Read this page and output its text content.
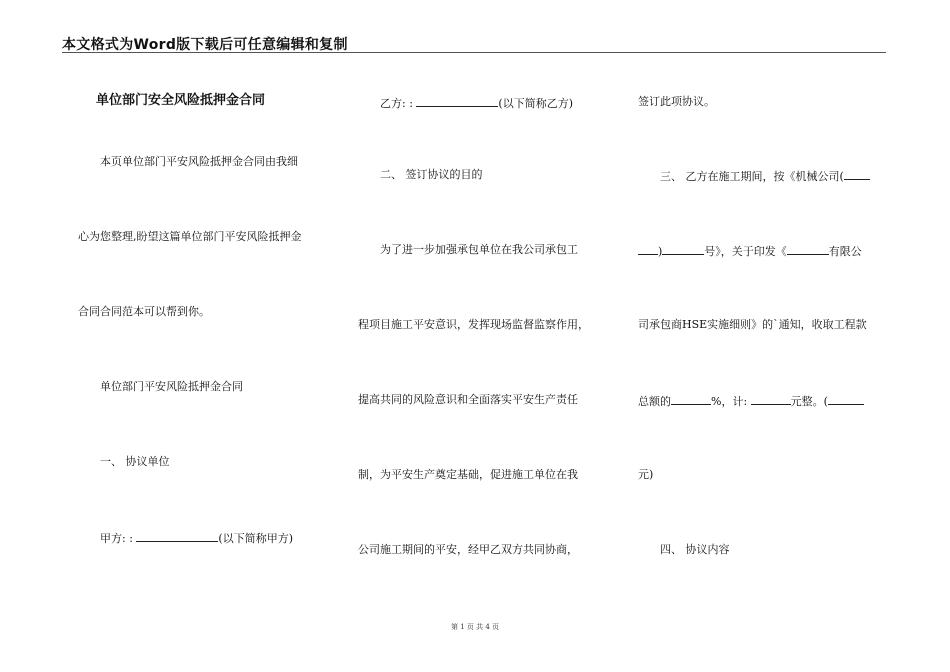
本文格式为Word版下载后可任意编辑和复制
单位部门安全风险抵押金合同
本页单位部门平安风险抵押金合同由我细
心为您整理,盼望这篇单位部门平安风险抵押金
合同合同范本可以帮到你。
单位部门平安风险抵押金合同
一、 协议单位
甲方: :	(以下简称甲方)
乙方: :	(以下简称乙方)
二、 签订协议的目的
为了进一步加强承包单位在我公司承包工
程项目施工平安意识，发挥现场监督监察作用，
提高共同的风险意识和全面落实平安生产责任
制，为平安生产奠定基础，促进施工单位在我
公司施工期间的平安，经甲乙双方共同协商，
签订此项协议。
三、 乙方在施工期间，按《机械公司(
)	号》，关于印发《	有限公
司承包商HSE实施细则》的`通知，收取工程款
总额的	%，计:	元整。(
元)
四、 协议内容
第 1 页 共 4 页
